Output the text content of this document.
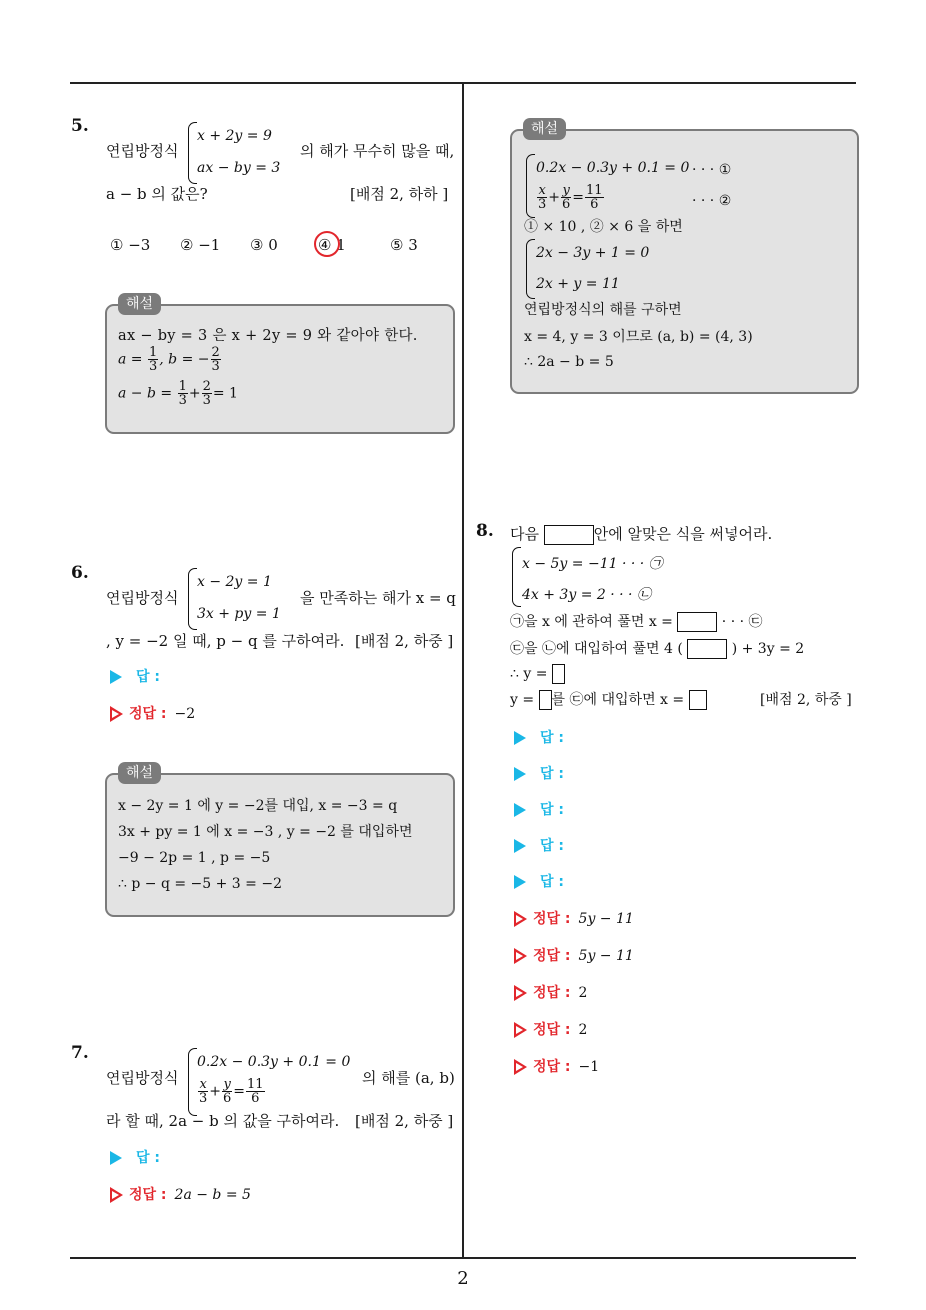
2
5.
연립방정식
x + 2y = 9
ax − by = 3
의 해가 무수히 많을 때,
a − b 의 값은?	[배점 2, 하하 ]
① −3 ② −1 ③ 0	④ 1	⑤ 3
해설
ax − by = 3 은 x + 2y = 9 와 같아야 한다.
$a = \frac{1}{3}$ , b = − $\frac{2}{3}$
$a - b = \frac{1}{3} + \frac{2}{3} = 1$
6.
연립방정식
x − 2y = 1
3x + py = 1
을 만족하는 해가 x = q
, y = −2 일 때, p − q 를 구하여라. [배점 2, 하중 ]
답 :
정답 : −2
해설
x − 2y = 1 에 y = −2를 대입, x = −3 = q
3x + py = 1 에 x = −3 , y = −2 를 대입하면
−9 − 2p = 1 , p = −5
∴ p − q = −5 + 3 = −2
7.
연립방정식
0.2x − 0.3y + 0.1 = 0
$\frac{x}{3} + \frac{y}{6} = \frac{11}{6}$	의 해를 (a, b)
라 할 때, 2a − b 의 값을 구하여라. [배점 2, 하중 ]
답 :
정답 : 2a − b = 5
해설
0.2x − 0.3y + 0.1 = 0 · · · ①
$\frac{x}{3} + \frac{y}{6} = \frac{11}{6}$	· · · ②
① × 10 , ② × 6 을 하면
2x − 3y + 1 = 0
2x + y = 11
연립방정식의 해를 구하면
x = 4, y = 3 이므로 (a, b) = (4, 3)
∴ 2a − b = 5
8. 다음	안에 알맞은 식을 써넣어라.
x − 5y = −11 · · · ㉠
4x + 3y = 2 · · · ㉡
㉠을 x 에 관하여 풀면 x =	· · · ㉢
㉢을 ㉡에 대입하여 풀면 4 (	) + 3y = 2
∴ y =
y = 를 ㉢에 대입하면 x =	[배점 2, 하중 ]
답 :
답 :
답 :
답 :
답 :
정답 : 5y − 11
정답 : 5y − 11
정답 : 2
정답 : 2
정답 : −1
